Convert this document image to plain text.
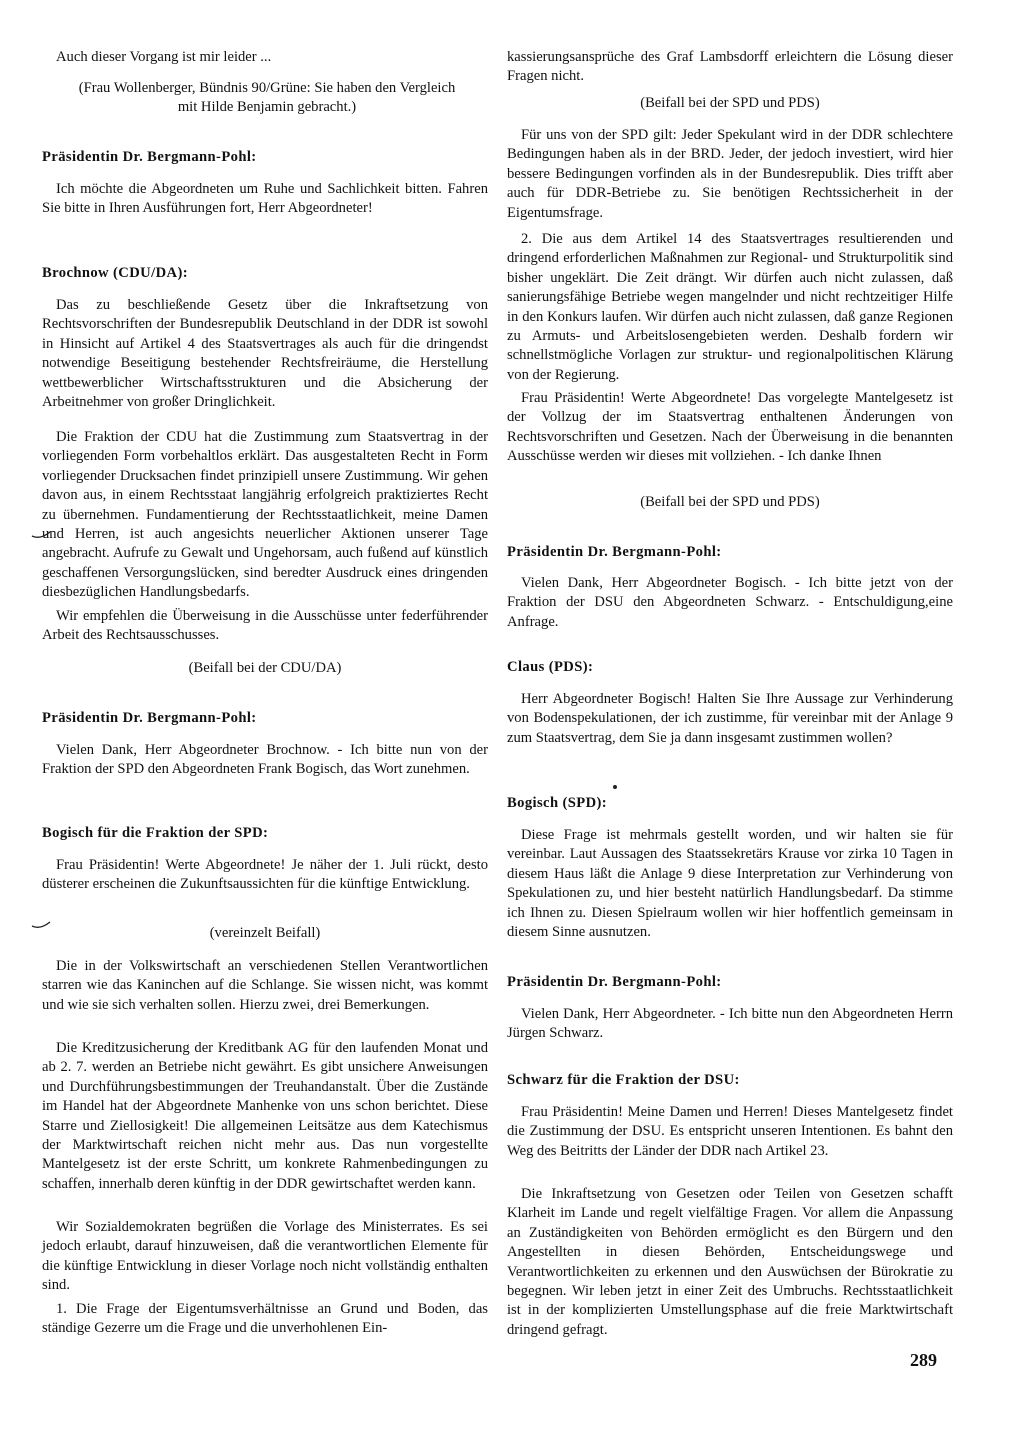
Auch dieser Vorgang ist mir leider ...

(Frau Wollenberger, Bündnis 90/Grüne: Sie haben den Vergleich mit Hilde Benjamin gebracht.)

Präsidentin Dr. Bergmann-Pohl:

Ich möchte die Abgeordneten um Ruhe und Sachlichkeit bitten. Fahren Sie bitte in Ihren Ausführungen fort, Herr Abgeordneter!

Brochnow (CDU/DA):

Das zu beschließende Gesetz über die Inkraftsetzung von Rechtsvorschriften der Bundesrepublik Deutschland in der DDR ist sowohl in Hinsicht auf Artikel 4 des Staatsvertrages als auch für die dringendst notwendige Beseitigung bestehender Rechtsfreiräume, die Herstellung wettbewerblicher Wirtschaftsstrukturen und die Absicherung der Arbeitnehmer von großer Dringlichkeit.

Die Fraktion der CDU hat die Zustimmung zum Staatsvertrag in der vorliegenden Form vorbehaltlos erklärt. Das ausgestalteten Recht in Form vorliegender Drucksachen findet prinzipiell unsere Zustimmung. Wir gehen davon aus, in einem Rechtsstaat langjährig erfolgreich praktiziertes Recht zu übernehmen. Fundamentierung der Rechtsstaatlichkeit, meine Damen und Herren, ist auch angesichts neuerlicher Aktionen unserer Tage angebracht. Aufrufe zu Gewalt und Ungehorsam, auch fußend auf künstlich geschaffenen Versorgungslücken, sind beredter Ausdruck eines dringenden diesbezüglichen Handlungsbedarfs.

Wir empfehlen die Überweisung in die Ausschüsse unter federführender Arbeit des Rechtsausschusses.

(Beifall bei der CDU/DA)

Präsidentin Dr. Bergmann-Pohl:

Vielen Dank, Herr Abgeordneter Brochnow. - Ich bitte nun von der Fraktion der SPD den Abgeordneten Frank Bogisch, das Wort zunehmen.

Bogisch für die Fraktion der SPD:

Frau Präsidentin! Werte Abgeordnete! Je näher der 1. Juli rückt, desto düsterer erscheinen die Zukunftsaussichten für die künftige Entwicklung.

(vereinzelt Beifall)

Die in der Volkswirtschaft an verschiedenen Stellen Verantwortlichen starren wie das Kaninchen auf die Schlange. Sie wissen nicht, was kommt und wie sie sich verhalten sollen. Hierzu zwei, drei Bemerkungen.

Die Kreditzusicherung der Kreditbank AG für den laufenden Monat und ab 2. 7. werden an Betriebe nicht gewährt. Es gibt unsichere Anweisungen und Durchführungsbestimmungen der Treuhandanstalt. Über die Zustände im Handel hat der Abgeordnete Manhenke von uns schon berichtet. Diese Starre und Ziellosigkeit! Die allgemeinen Leitsätze aus dem Katechismus der Marktwirtschaft reichen nicht mehr aus. Das nun vorgestellte Mantelgesetz ist der erste Schritt, um konkrete Rahmenbedingungen zu schaffen, innerhalb deren künftig in der DDR gewirtschaftet werden kann.

Wir Sozialdemokraten begrüßen die Vorlage des Ministerrates. Es sei jedoch erlaubt, darauf hinzuweisen, daß die verantwortlichen Elemente für die künftige Entwicklung in dieser Vorlage noch nicht vollständig enthalten sind.

1. Die Frage der Eigentumsverhältnisse an Grund und Boden, das ständige Gezerre um die Frage und die unverhohlenen Ein-

kassierungsansprüche des Graf Lambsdorff erleichtern die Lösung dieser Fragen nicht.

(Beifall bei der SPD und PDS)

Für uns von der SPD gilt: Jeder Spekulant wird in der DDR schlechtere Bedingungen haben als in der BRD. Jeder, der jedoch investiert, wird hier bessere Bedingungen vorfinden als in der Bundesrepublik. Dies trifft aber auch für DDR-Betriebe zu. Sie benötigen Rechtssicherheit in der Eigentumsfrage.

2. Die aus dem Artikel 14 des Staatsvertrages resultierenden und dringend erforderlichen Maßnahmen zur Regional- und Strukturpolitik sind bisher ungeklärt. Die Zeit drängt. Wir dürfen auch nicht zulassen, daß sanierungsfähige Betriebe wegen mangelnder und nicht rechtzeitiger Hilfe in den Konkurs laufen. Wir dürfen auch nicht zulassen, daß ganze Regionen zu Armuts- und Arbeitslosengebieten werden. Deshalb fordern wir schnellstmögliche Vorlagen zur struktur- und regionalpolitischen Klärung von der Regierung.

Frau Präsidentin! Werte Abgeordnete! Das vorgelegte Mantelgesetz ist der Vollzug der im Staatsvertrag enthaltenen Änderungen von Rechtsvorschriften und Gesetzen. Nach der Überweisung in die benannten Ausschüsse werden wir dieses mit vollziehen. - Ich danke Ihnen

(Beifall bei der SPD und PDS)

Präsidentin Dr. Bergmann-Pohl:

Vielen Dank, Herr Abgeordneter Bogisch. - Ich bitte jetzt von der Fraktion der DSU den Abgeordneten Schwarz. - Entschuldigung,eine Anfrage.

Claus (PDS):

Herr Abgeordneter Bogisch! Halten Sie Ihre Aussage zur Verhinderung von Bodenspekulationen, der ich zustimme, für vereinbar mit der Anlage 9 zum Staatsvertrag, dem Sie ja dann insgesamt zustimmen wollen?

Bogisch (SPD):

Diese Frage ist mehrmals gestellt worden, und wir halten sie für vereinbar. Laut Aussagen des Staatssekretärs Krause vor zirka 10 Tagen in diesem Haus läßt die Anlage 9 diese Interpretation zur Verhinderung von Spekulationen zu, und hier besteht natürlich Handlungsbedarf. Da stimme ich Ihnen zu. Diesen Spielraum wollen wir hier hoffentlich gemeinsam in diesem Sinne ausnutzen.

Präsidentin Dr. Bergmann-Pohl:

Vielen Dank, Herr Abgeordneter. - Ich bitte nun den Abgeordneten Herrn Jürgen Schwarz.

Schwarz für die Fraktion der DSU:

Frau Präsidentin! Meine Damen und Herren! Dieses Mantelgesetz findet die Zustimmung der DSU. Es entspricht unseren Intentionen. Es bahnt den Weg des Beitritts der Länder der DDR nach Artikel 23.

Die Inkraftsetzung von Gesetzen oder Teilen von Gesetzen schafft Klarheit im Lande und regelt vielfältige Fragen. Vor allem die Anpassung an Zuständigkeiten von Behörden ermöglicht es den Bürgern und den Angestellten in diesen Behörden, Entscheidungswege und Verantwortlichkeiten zu erkennen und den Auswüchsen der Bürokratie zu begegnen. Wir leben jetzt in einer Zeit des Umbruchs. Rechtsstaatlichkeit ist in der komplizierten Umstellungsphase auf die freie Marktwirtschaft dringend gefragt.

289
